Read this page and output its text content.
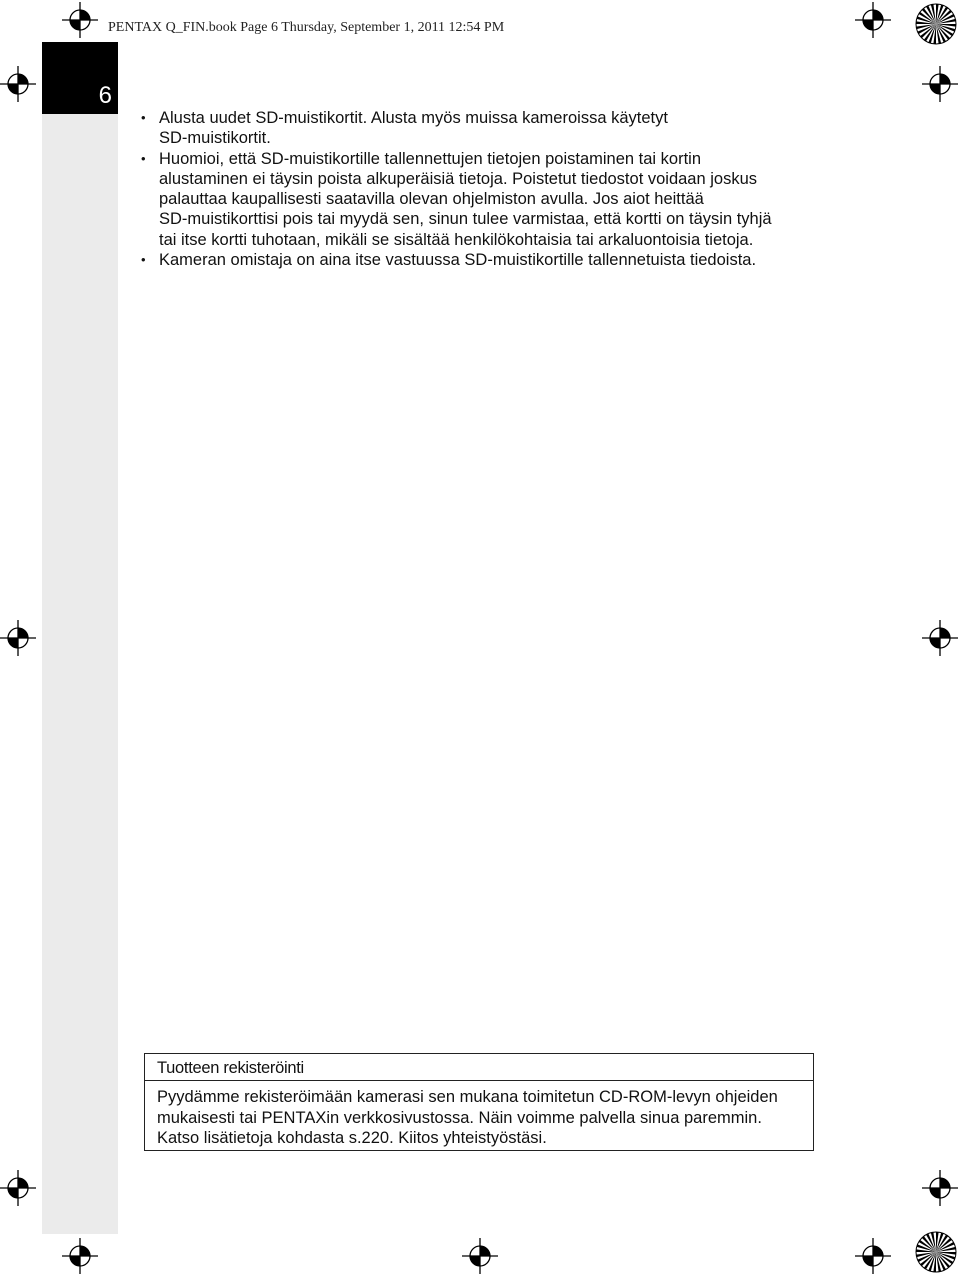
PENTAX Q_FIN.book Page 6 Thursday, September 1, 2011 12:54 PM
6
• Alusta uudet SD-muistikortit. Alusta myös muissa kameroissa käytetyt
SD-muistikortit.
• Huomioi, että SD-muistikortille tallennettujen tietojen poistaminen tai kortin
alustaminen ei täysin poista alkuperäisiä tietoja. Poistetut tiedostot voidaan joskus
palauttaa kaupallisesti saatavilla olevan ohjelmiston avulla. Jos aiot heittää
SD-muistikorttisi pois tai myydä sen, sinun tulee varmistaa, että kortti on täysin tyhjä
tai itse kortti tuhotaan, mikäli se sisältää henkilökohtaisia tai arkaluontoisia tietoja.
• Kameran omistaja on aina itse vastuussa SD-muistikortille tallennetuista tiedoista.
Tuotteen rekisteröinti
Pyydämme rekisteröimään kamerasi sen mukana toimitetun CD-ROM-levyn ohjeiden
mukaisesti tai PENTAXin verkkosivustossa. Näin voimme palvella sinua paremmin.
Katso lisätietoja kohdasta s.220. Kiitos yhteistyöstäsi.
